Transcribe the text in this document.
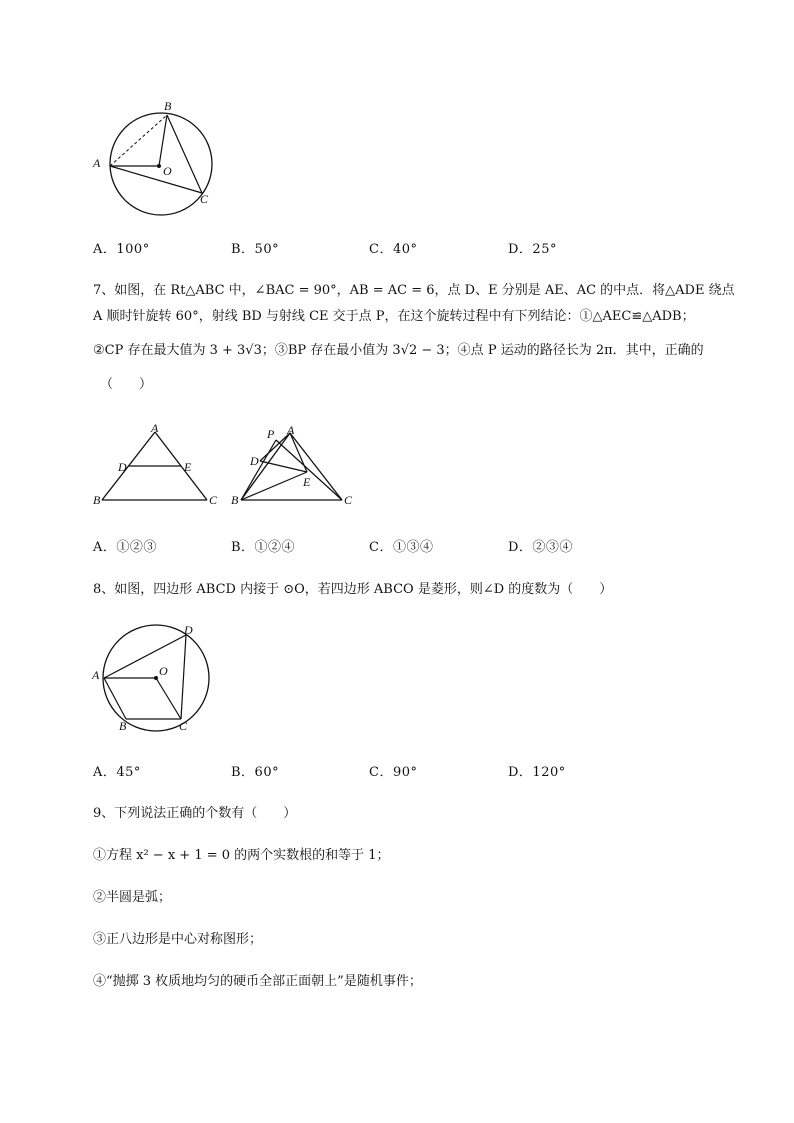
B
A
O
C
A．100°	B．50°	C．40°	D．25°
7、如图，在 Rt△ABC 中，∠BAC = 90°，AB = AC = 6，点 D、E 分别是 AE、AC 的中点．将△ADE 绕点
A 顺时针旋转 60°，射线 BD 与射线 CE 交于点 P，在这个旋转过程中有下列结论：①△AEC≌△ADB；
②CP 存在最大值为 3 + 3√3；③BP 存在最小值为 3√2 − 3；④点 P 运动的路径长为 2π．其中，正确的
（　　）
A
D	E
B	C
P A
D
E
B	C
A．①②③	B．①②④	C．①③④	D．②③④
8、如图，四边形 ABCD 内接于 ⊙O，若四边形 ABCO 是菱形，则∠D 的度数为（　　）
D
A	O
B	C
A．45°	B．60°	C．90°	D．120°
9、下列说法正确的个数有（　　）
①方程 x² − x + 1 = 0 的两个实数根的和等于 1；
②半圆是弧；
③正八边形是中心对称图形；
④“抛掷 3 枚质地均匀的硬币全部正面朝上”是随机事件；
